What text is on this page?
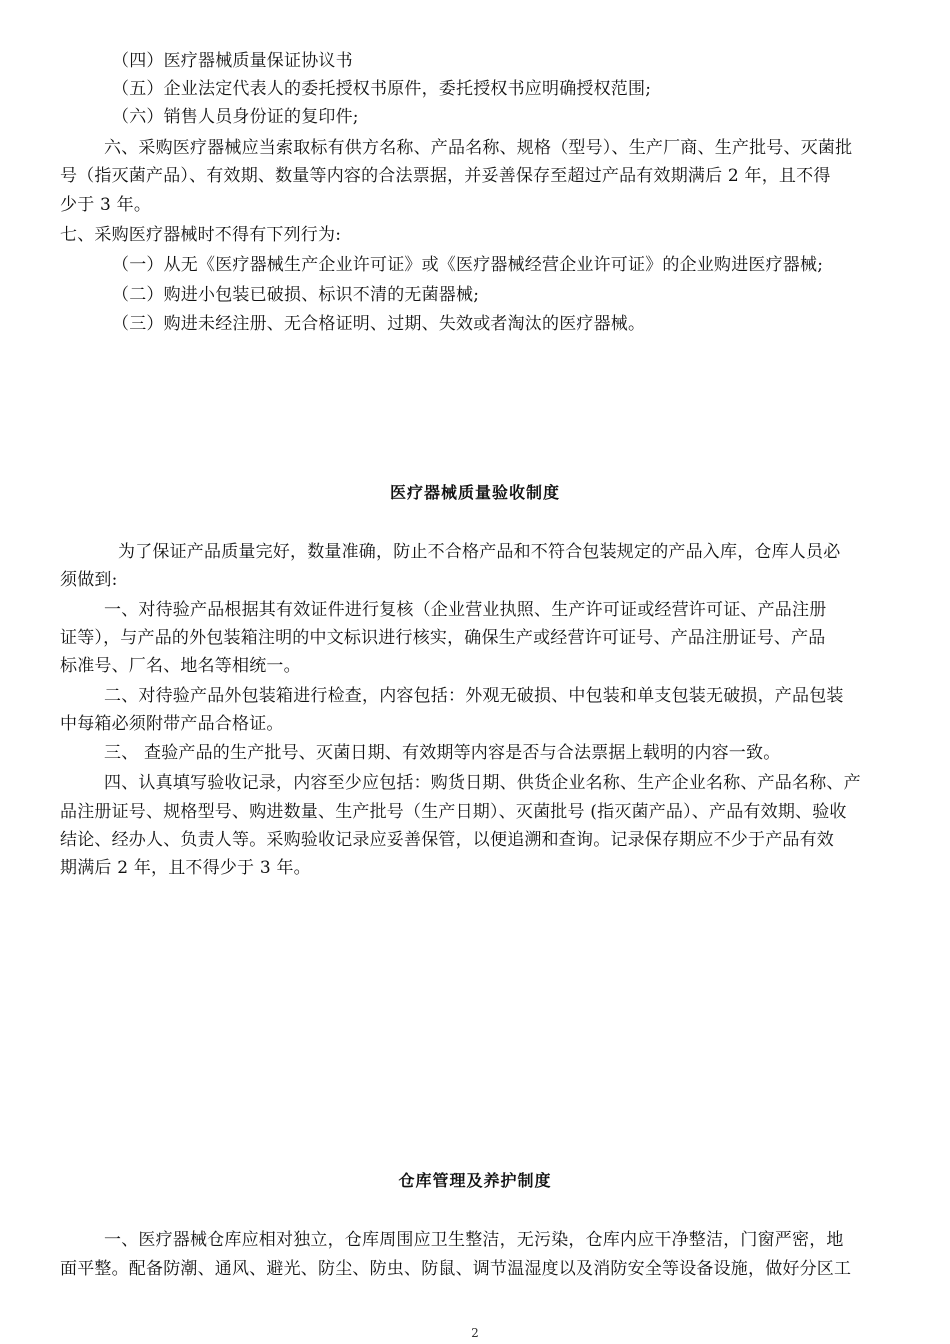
（四）医疗器械质量保证协议书
（五）企业法定代表人的委托授权书原件，委托授权书应明确授权范围;
（六）销售人员身份证的复印件;
六、采购医疗器械应当索取标有供方名称、产品名称、规格（型号）、生产厂商、生产批号、灭菌批
号（指灭菌产品）、有效期、数量等内容的合法票据，并妥善保存至超过产品有效期满后 2 年，且不得
少于 3 年。
七、采购医疗器械时不得有下列行为:
（一）从无《医疗器械生产企业许可证》或《医疗器械经营企业许可证》的企业购进医疗器械;
（二）购进小包装已破损、标识不清的无菌器械;
（三）购进未经注册、无合格证明、过期、失效或者淘汰的医疗器械。
医疗器械质量验收制度
为了保证产品质量完好，数量准确，防止不合格产品和不符合包装规定的产品入库，仓库人员必
须做到:
一、对待验产品根据其有效证件进行复核（企业营业执照、生产许可证或经营许可证、产品注册
证等），与产品的外包装箱注明的中文标识进行核实，确保生产或经营许可证号、产品注册证号、产品
标准号、厂名、地名等相统一。
二、对待验产品外包装箱进行检查，内容包括：外观无破损、中包装和单支包装无破损，产品包装
中每箱必须附带产品合格证。
三、 查验产品的生产批号、灭菌日期、有效期等内容是否与合法票据上载明的内容一致。
四、认真填写验收记录，内容至少应包括：购货日期、供货企业名称、生产企业名称、产品名称、产
品注册证号、规格型号、购进数量、生产批号（生产日期）、灭菌批号 (指灭菌产品）、产品有效期、验收
结论、经办人、负责人等。采购验收记录应妥善保管，以便追溯和查询。记录保存期应不少于产品有效
期满后 2 年，且不得少于 3 年。
仓库管理及养护制度
一、医疗器械仓库应相对独立，仓库周围应卫生整洁，无污染，仓库内应干净整洁，门窗严密，地
面平整。配备防潮、通风、避光、防尘、防虫、防鼠、调节温湿度以及消防安全等设备设施，做好分区工
2
